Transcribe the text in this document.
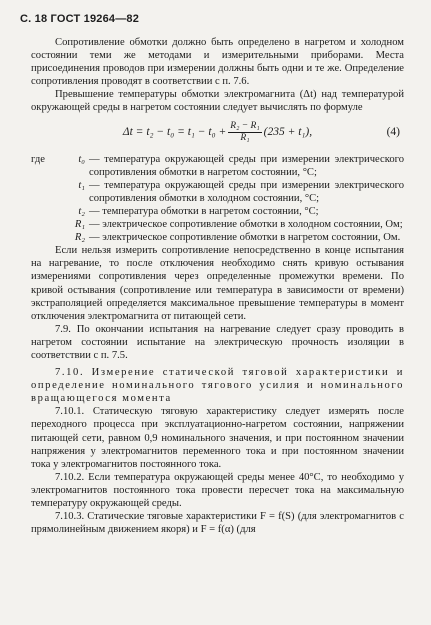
С. 18 ГОСТ 19264—82

Сопротивление обмотки должно быть определено в нагретом и холодном состоянии теми же методами и измерительными приборами. Места присоединения проводов при измерении должны быть одни и те же. Определение сопротивления проводят в соответствии с п. 7.6.

Превышение температуры обмотки электромагнита (Δt) над температурой окружающей среды в нагретом состоянии следует вычислять по формуле

$\Delta t = t_2 - t_0 = t_1 - t_0 + \frac{\text{R₂ − R₁}}{\text{R₁}} (235 + t_1)$,	(4)
где	t₀ — температура окружающей среды при измерении электрического сопротивления обмотки в нагретом состоянии, °С;
t₁ — температура окружающей среды при измерении электрического сопротивления обмотки в холодном состоянии, °С;
t₂ — температура обмотки в нагретом состоянии, °С;
R₁ — электрическое сопротивление обмотки в холодном состоянии, Ом;
R₂ — электрическое сопротивление обмотки в нагретом состоянии, Ом.

Если нельзя измерить сопротивление непосредственно в конце испытания на нагревание, то после отключения необходимо снять кривую остывания измерениями сопротивления через определенные промежутки времени. По кривой остывания (сопротивление или температура в зависимости от времени) экстраполяцией определяется максимальное превышение температуры в момент отключения электромагнита от питающей сети.

7.9. По окончании испытания на нагревание следует сразу проводить в нагретом состоянии испытание на электрическую прочность изоляции в соответствии с п. 7.5.

7.10. Измерение статической тяговой характеристики и определение номинального тягового усилия и номинального вращающегося момента

7.10.1. Статическую тяговую характеристику следует измерять после переходного процесса при эксплуатационно-нагретом состоянии, напряжении питающей сети, равном 0,9 номинального значения, и при постоянном значении напряжения у электромагнитов переменного тока и при постоянном значении тока у электромагнитов постоянного тока.

7.10.2. Если температура окружающей среды менее 40°С, то необходимо у электромагнитов постоянного тока провести пересчет тока на максимальную температуру окружающей среды.

7.10.3. Статические тяговые характеристики F = f(S) (для электромагнитов с прямолинейным движением якоря) и F = f(α) (для
